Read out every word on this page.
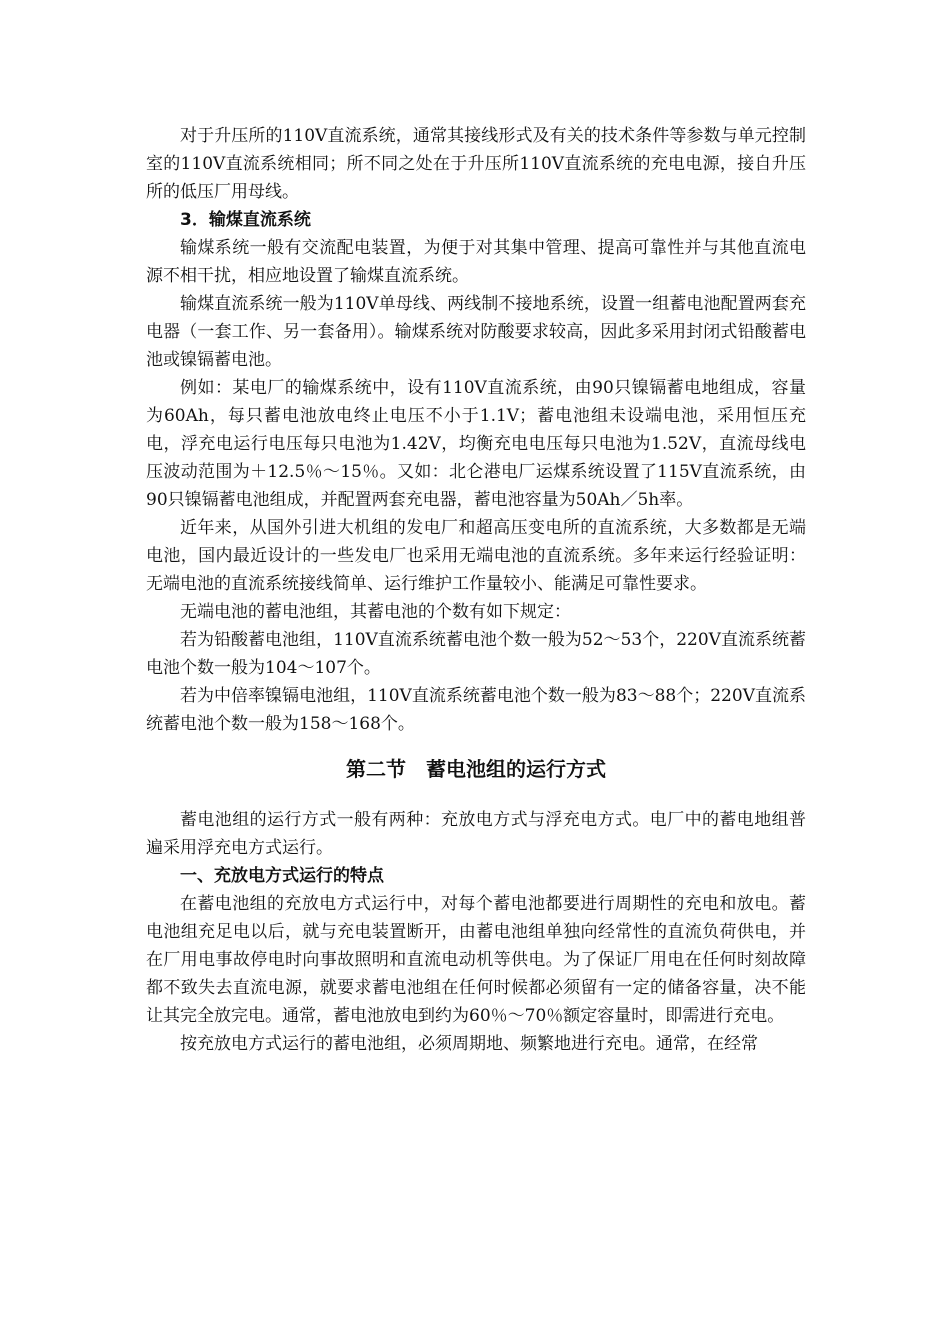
对于升压所的110V直流系统，通常其接线形式及有关的技术条件等参数与单元控制室的110V直流系统相同；所不同之处在于升压所110V直流系统的充电电源，接自升压所的低压厂用母线。

3．输煤直流系统

输煤系统一般有交流配电装置，为便于对其集中管理、提高可靠性并与其他直流电源不相干扰，相应地设置了输煤直流系统。

输煤直流系统一般为110V单母线、两线制不接地系统，设置一组蓄电池配置两套充电器（一套工作、另一套备用）。输煤系统对防酸要求较高，因此多采用封闭式铅酸蓄电池或镍镉蓄电池。

例如：某电厂的输煤系统中，设有110V直流系统，由90只镍镉蓄电地组成，容量为60Ah，每只蓄电池放电终止电压不小于1.1V；蓄电池组未设端电池，采用恒压充电，浮充电运行电压每只电池为1.42V，均衡充电电压每只电池为1.52V，直流母线电压波动范围为＋12.5％～15％。又如：北仑港电厂运煤系统设置了115V直流系统，由90只镍镉蓄电池组成，并配置两套充电器，蓄电池容量为50Ah／5h率。

近年来，从国外引进大机组的发电厂和超高压变电所的直流系统，大多数都是无端电池，国内最近设计的一些发电厂也采用无端电池的直流系统。多年来运行经验证明：无端电池的直流系统接线简单、运行维护工作量较小、能满足可靠性要求。

无端电池的蓄电池组，其蓄电池的个数有如下规定：

若为铅酸蓄电池组，110V直流系统蓄电池个数一般为52～53个，220V直流系统蓄电池个数一般为104～107个。

若为中倍率镍镉电池组，110V直流系统蓄电池个数一般为83～88个；220V直流系统蓄电池个数一般为158～168个。

第二节　蓄电池组的运行方式

蓄电池组的运行方式一般有两种：充放电方式与浮充电方式。电厂中的蓄电地组普遍采用浮充电方式运行。

一、充放电方式运行的特点

在蓄电池组的充放电方式运行中，对每个蓄电池都要进行周期性的充电和放电。蓄电池组充足电以后，就与充电装置断开，由蓄电池组单独向经常性的直流负荷供电，并在厂用电事故停电时向事故照明和直流电动机等供电。为了保证厂用电在任何时刻故障都不致失去直流电源，就要求蓄电池组在任何时候都必须留有一定的储备容量，决不能让其完全放完电。通常，蓄电池放电到约为60％～70％额定容量时，即需进行充电。

按充放电方式运行的蓄电池组，必须周期地、频繁地进行充电。通常，在经常
